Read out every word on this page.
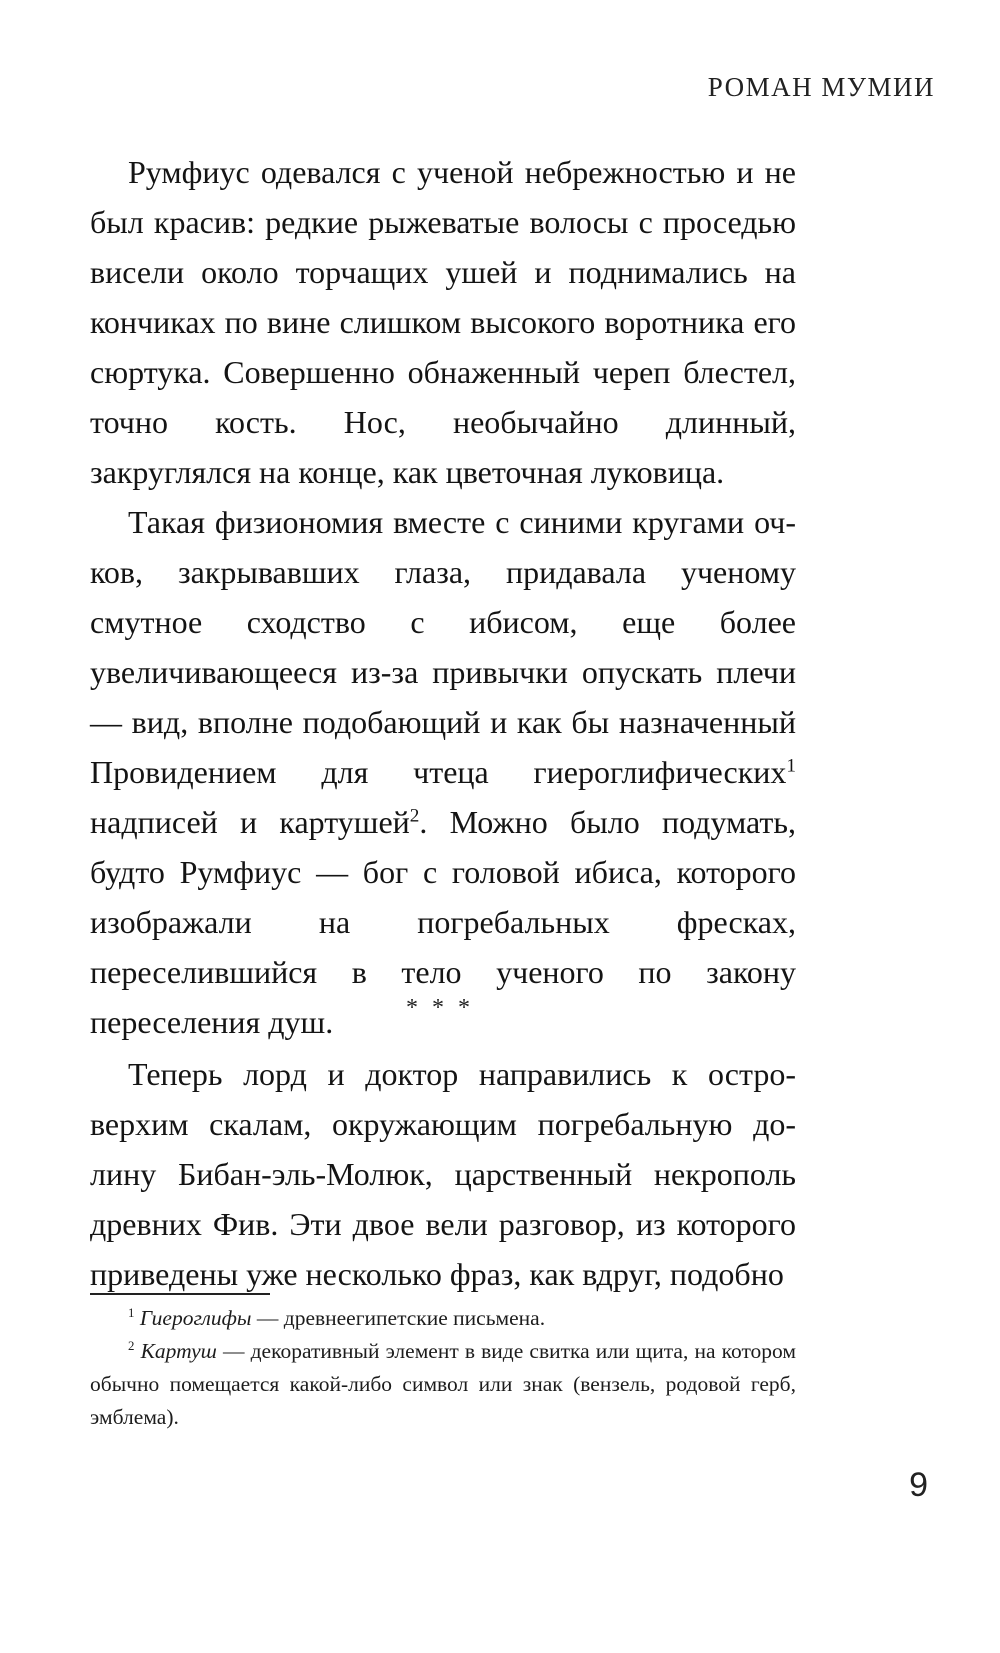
РОМАН МУМИИ

Румфиус одевался с ученой небрежностью и не был красив: редкие рыжеватые волосы с проседью висели около торчащих ушей и поднимались на кончиках по вине слишком высокого воротника его сюртука. Совершенно обнаженный череп блестел, точно кость. Нос, необычайно длинный, закруглялся на конце, как цветочная луковица.

Такая физиономия вместе с синими кругами очков, закрывавших глаза, придавала ученому смутное сходство с ибисом, еще более увеличивающееся из-за привычки опускать плечи — вид, вполне подобающий и как бы назначенный Провидением для чтеца гиероглифических$^1$ надписей и картушей$^2$. Можно было подумать, будто Румфиус — бог с головой ибиса, которого изображали на погребальных фресках, переселившийся в тело ученого по закону переселения душ.	* * *

Теперь лорд и доктор направились к островерхим скалам, окружающим погребальную долину Бибан-эль-Молюк, царственный некрополь древних Фив. Эти двое вели разговор, из которого приведены уже несколько фраз, как вдруг, подобно

$^1$ Гиероглифы — древнеегипетские письмена.

$^2$ Картуш — декоративный элемент в виде свитка или щита, на котором обычно помещается какой-либо символ или знак (вензель, родовой герб, эмблема).

9
